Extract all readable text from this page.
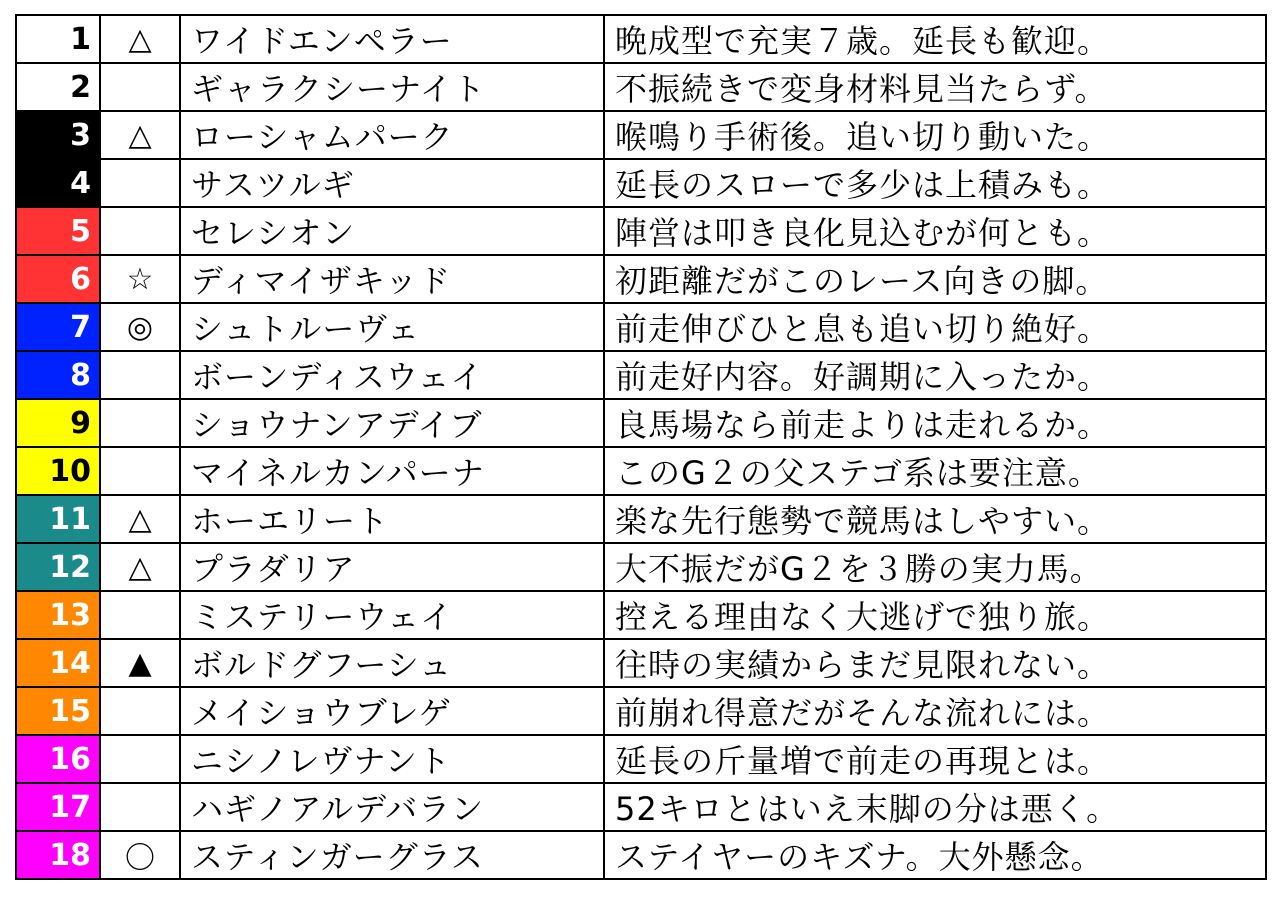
1	△	ワイドエンペラー	晩成型で充実７歳。延長も歓迎。
2		ギャラクシーナイト	不振続きで変身材料見当たらず。
3	△	ローシャムパーク	喉鳴り手術後。追い切り動いた。
4		サスツルギ	延長のスローで多少は上積みも。
5		セレシオン	陣営は叩き良化見込むが何とも。
6	☆	ディマイザキッド	初距離だがこのレース向きの脚。
7	◎	シュトルーヴェ	前走伸びひと息も追い切り絶好。
8		ボーンディスウェイ	前走好内容。好調期に入ったか。
9		ショウナンアデイブ	良馬場なら前走よりは走れるか。
10		マイネルカンパーナ	このG２の父ステゴ系は要注意。
11	△	ホーエリート	楽な先行態勢で競馬はしやすい。
12	△	プラダリア	大不振だがG２を３勝の実力馬。
13		ミステリーウェイ	控える理由なく大逃げで独り旅。
14	▲	ボルドグフーシュ	往時の実績からまだ見限れない。
15		メイショウブレゲ	前崩れ得意だがそんな流れには。
16		ニシノレヴナント	延長の斤量増で前走の再現とは。
17		ハギノアルデバラン	52キロとはいえ末脚の分は悪く。
18	〇	スティンガーグラス	ステイヤーのキズナ。大外懸念。
